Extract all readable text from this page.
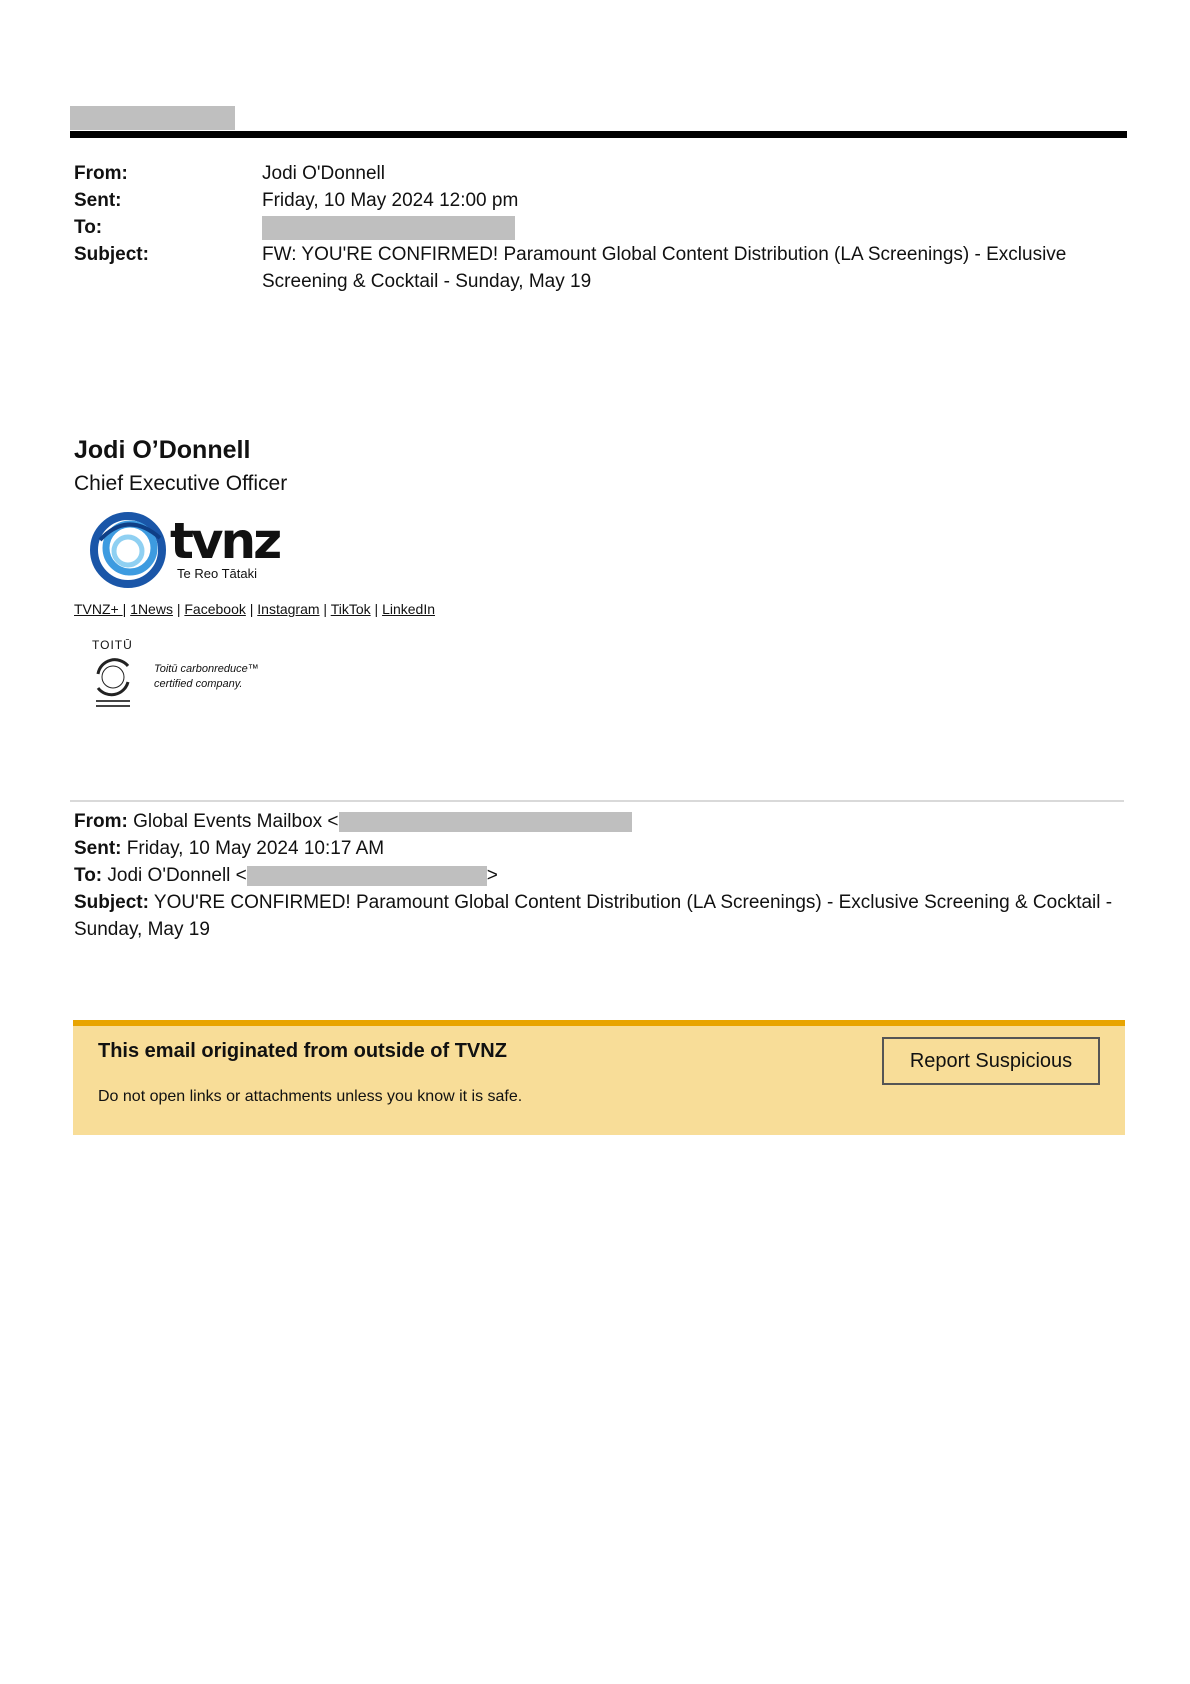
From:	Jodi O'Donnell
Sent:	Friday, 10 May 2024 12:00 pm
To:
Subject:	FW: YOU'RE CONFIRMED! Paramount Global Content Distribution (LA Screenings) - Exclusive Screening & Cocktail - Sunday, May 19
Jodi O’Donnell
Chief Executive Officer
tvnz
Te Reo Tātaki
TVNZ+ | 1News | Facebook | Instagram | TikTok | LinkedIn
TOITŪ
Toitū carbonreduce™
certified company.
From: Global Events Mailbox <
Sent: Friday, 10 May 2024 10:17 AM
To: Jodi O'Donnell <	>
Subject: YOU'RE CONFIRMED! Paramount Global Content Distribution (LA Screenings) - Exclusive Screening & Cocktail - Sunday, May 19
This email originated from outside of TVNZ
Do not open links or attachments unless you know it is safe.
Report Suspicious
